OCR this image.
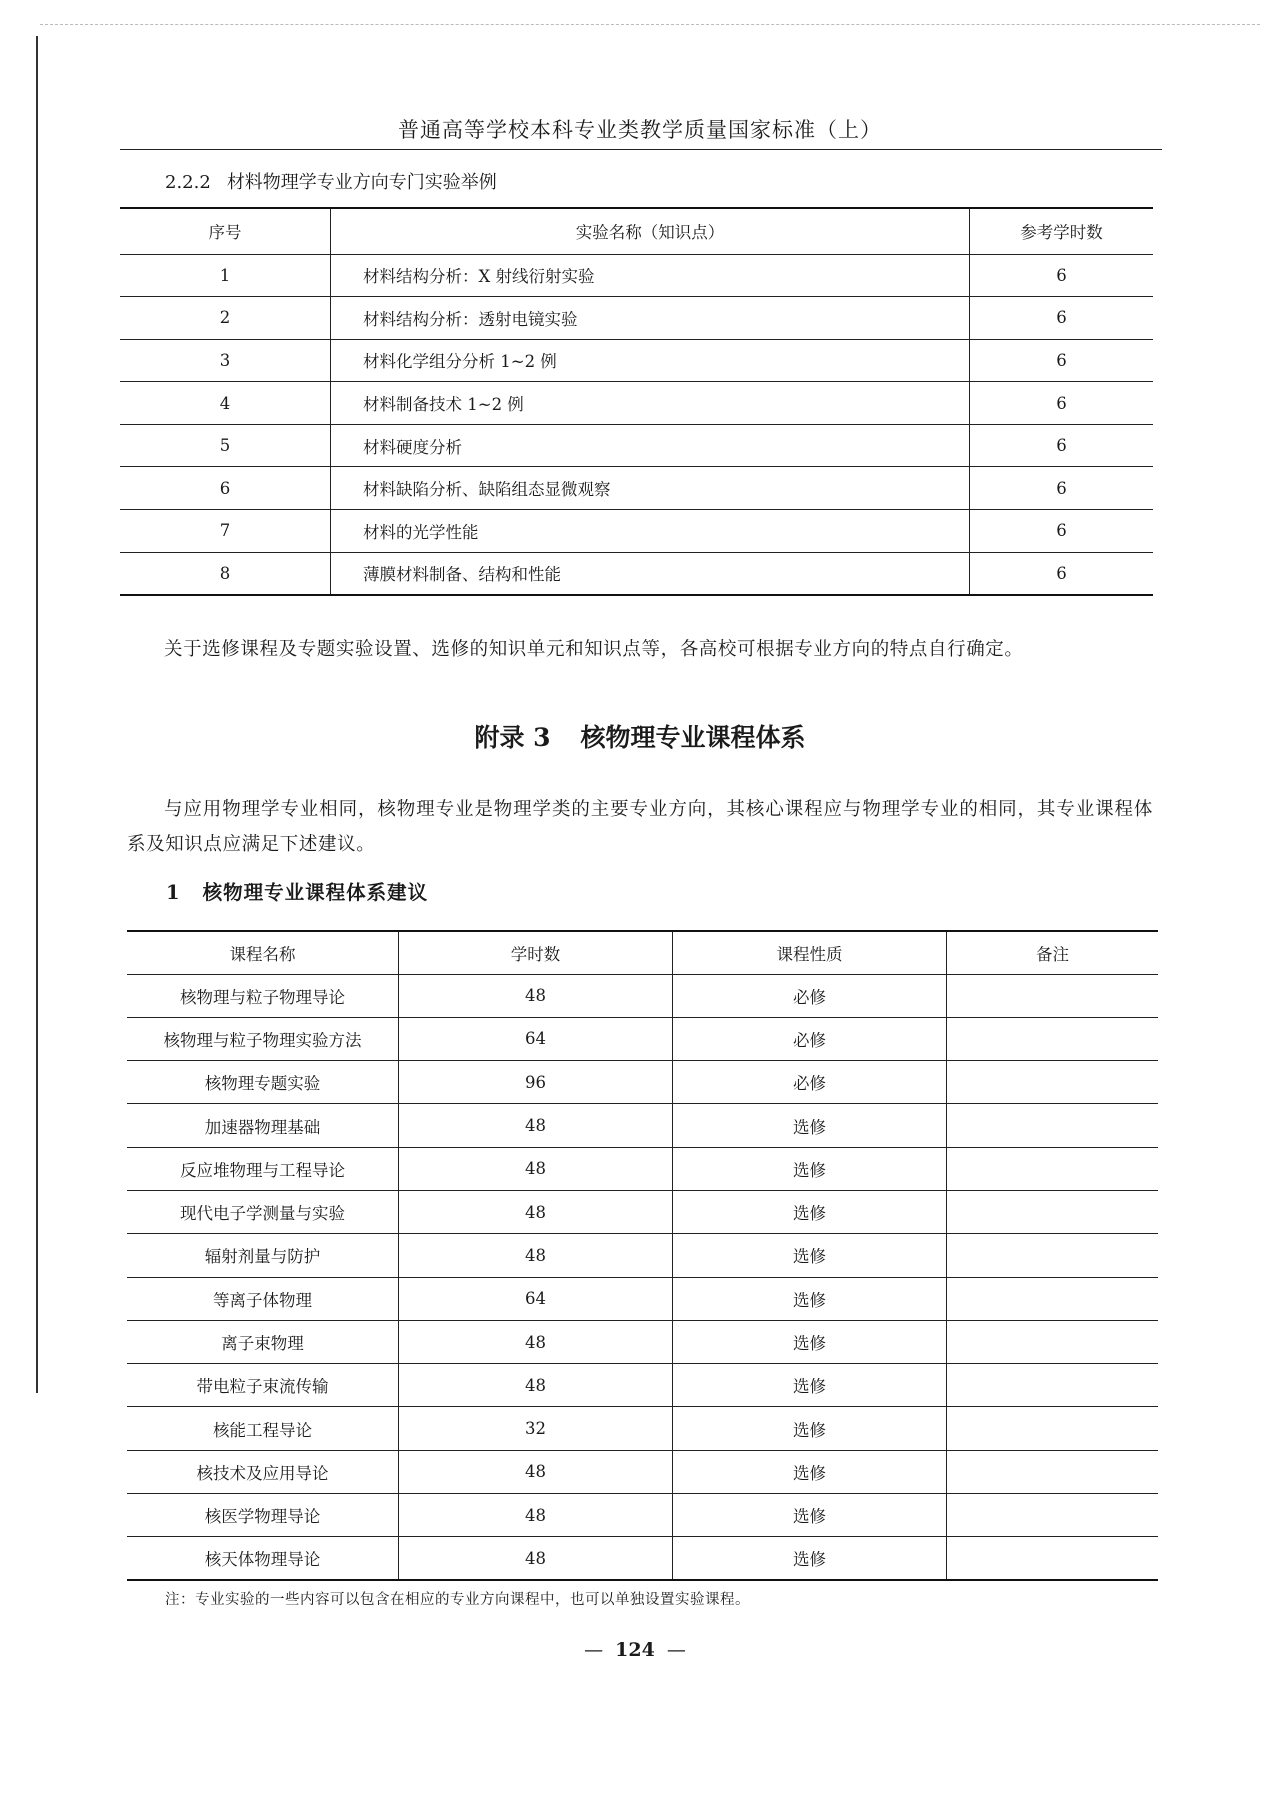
普通高等学校本科专业类教学质量国家标准（上）
2.2.2 材料物理学专业方向专门实验举例
序号	实验名称（知识点）	参考学时数
1	材料结构分析：X 射线衍射实验	6
2	材料结构分析：透射电镜实验	6
3	材料化学组分分析 1~2 例	6
4	材料制备技术 1~2 例	6
5	材料硬度分析	6
6	材料缺陷分析、缺陷组态显微观察	6
7	材料的光学性能	6
8	薄膜材料制备、结构和性能	6
关于选修课程及专题实验设置、选修的知识单元和知识点等，各高校可根据专业方向的特点自行确定。
附录 3 核物理专业课程体系
与应用物理学专业相同，核物理专业是物理学类的主要专业方向，其核心课程应与物理学专业的相同，其专业课程体系及知识点应满足下述建议。
1 核物理专业课程体系建议
课程名称	学时数	课程性质	备注
核物理与粒子物理导论	48	必修	
核物理与粒子物理实验方法	64	必修	
核物理专题实验	96	必修	
加速器物理基础	48	选修	
反应堆物理与工程导论	48	选修	
现代电子学测量与实验	48	选修	
辐射剂量与防护	48	选修	
等离子体物理	64	选修	
离子束物理	48	选修	
带电粒子束流传输	48	选修	
核能工程导论	32	选修	
核技术及应用导论	48	选修	
核医学物理导论	48	选修	
核天体物理导论	48	选修	
注：专业实验的一些内容可以包含在相应的专业方向课程中，也可以单独设置实验课程。
— 124 —
